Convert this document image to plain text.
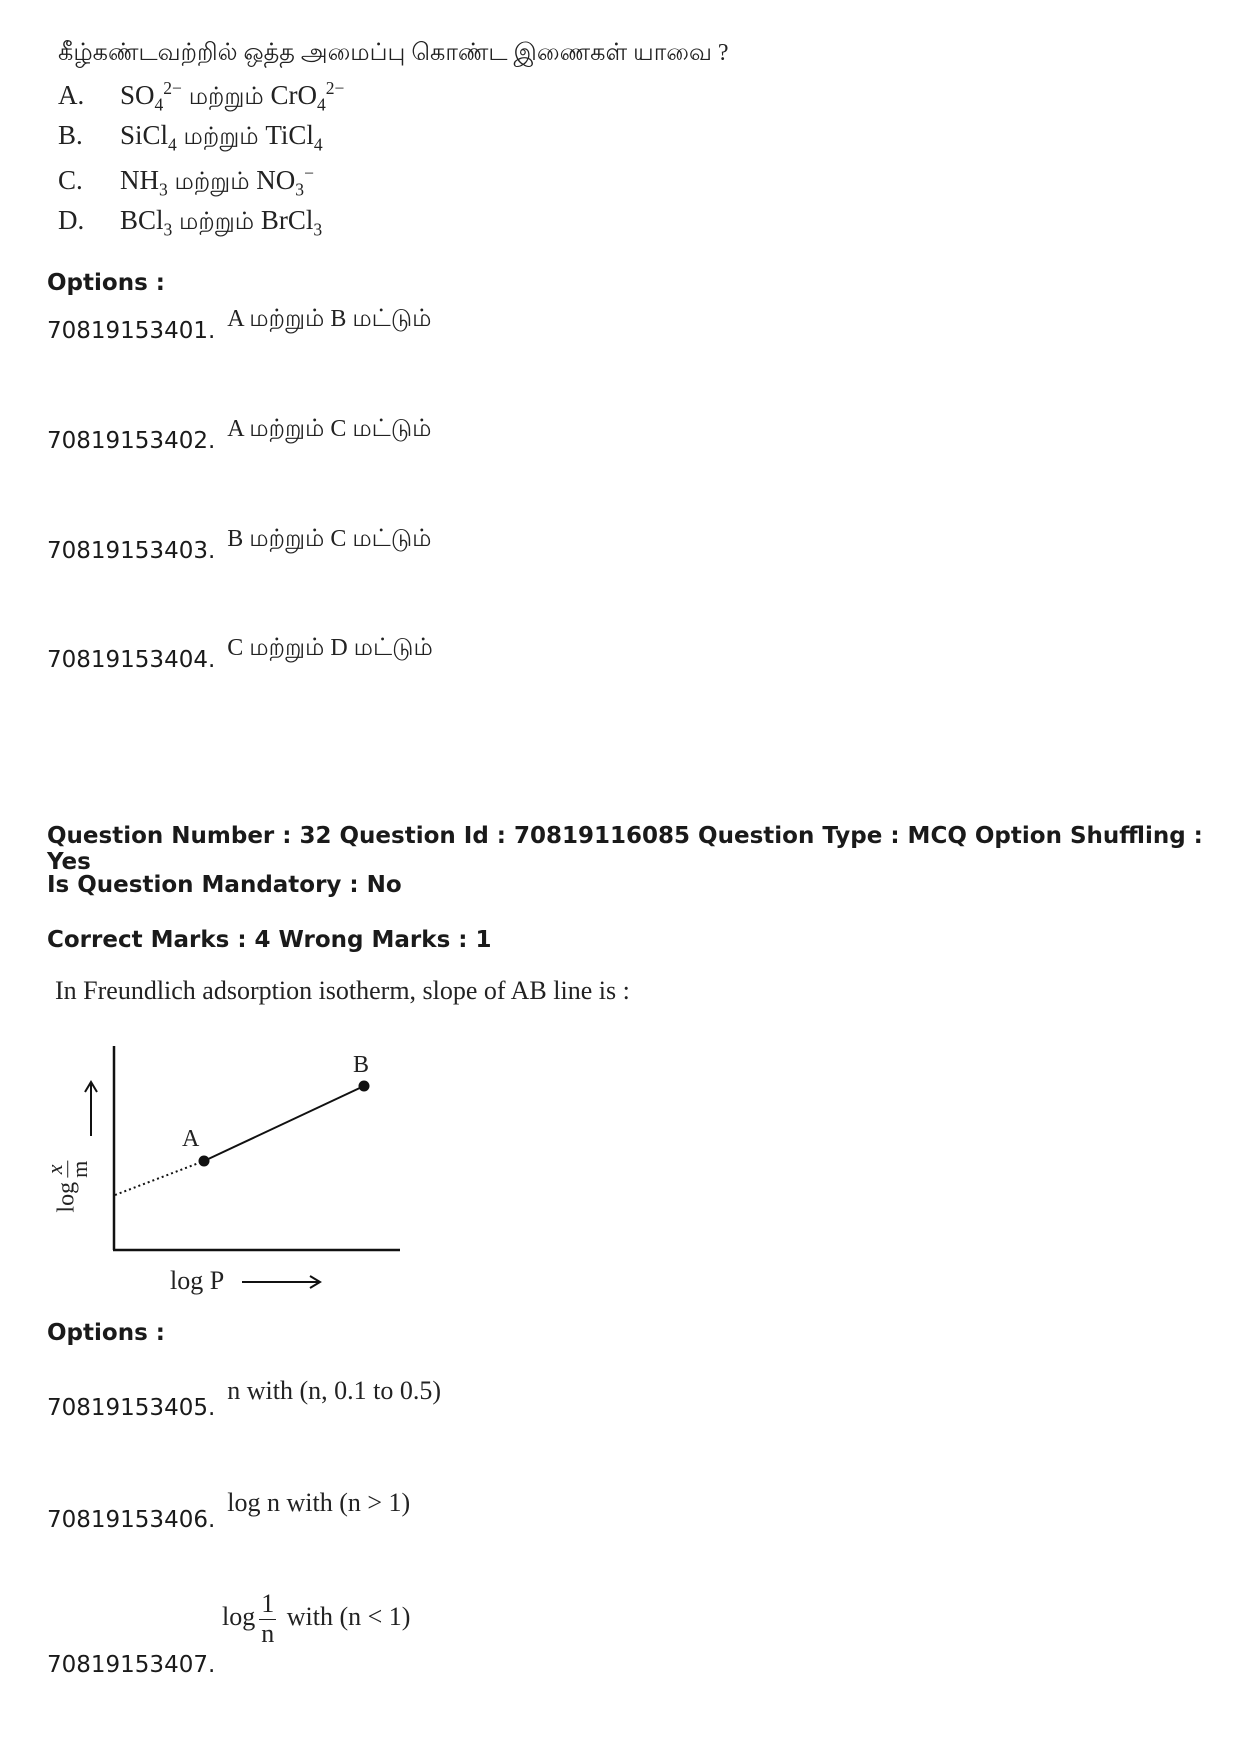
கீழ்கண்டவற்றில் ஒத்த அமைப்பு கொண்ட இணைகள் யாவை ?
A. $SO_4^{2-}$ மற்றும் CrO$_4^{2-}$
B. SiCl$_4$ மற்றும் TiCl$_4$
C. $NH_3$ மற்றும் $NO_3^-$
D. BCl$_3$ மற்றும் BrCl$_3$
Options :
70819153401. A மற்றும் B மட்டும்
70819153402. A மற்றும் C மட்டும்
70819153403. B மற்றும் C மட்டும்
70819153404. C மற்றும் D மட்டும்
Question Number : 32 Question Id : 70819116085 Question Type : MCQ Option Shuffling : Yes
Is Question Mandatory : No
Correct Marks : 4 Wrong Marks : 1
In Freundlich adsorption isotherm, slope of AB line is :
A
B
log P
log
x m
Options :
70819153405. n with (n, 0.1 to 0.5)
70819153406. log n with (n > 1)
70819153407.
$\log \frac{1}{n}$ with (n < 1)
